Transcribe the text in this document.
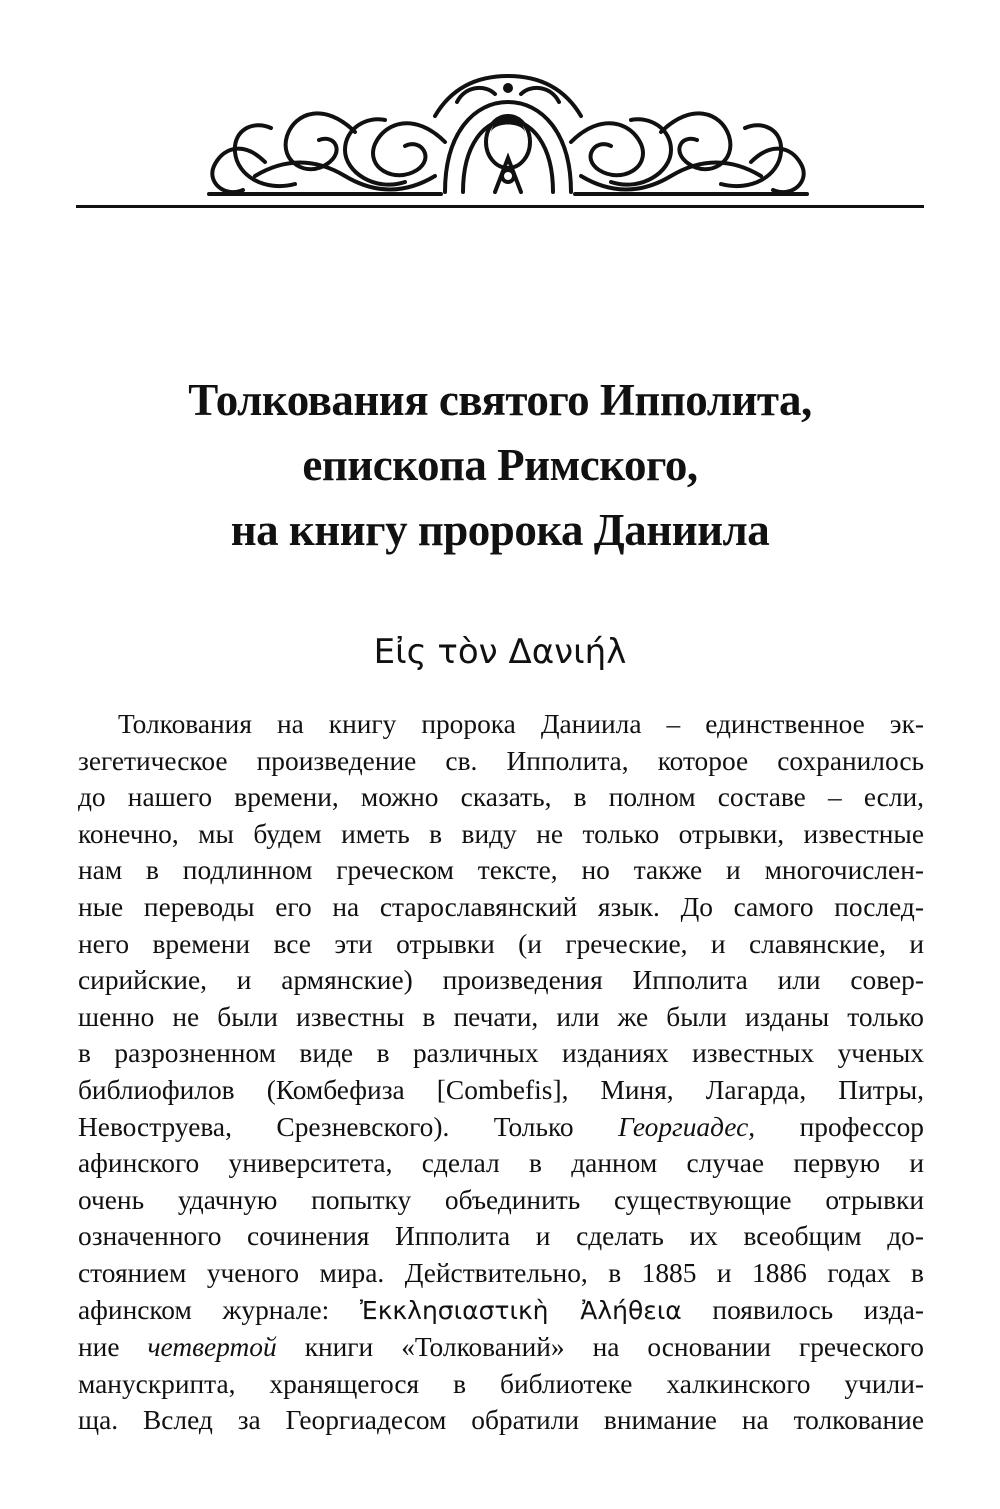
Толкования святого Ипполита,
епископа Римского,
на книгу пророка Даниила
Εἰς τὸν Δανιήλ
Толкования на книгу пророка Даниила – единственное эк-
зегетическое произведение св. Ипполита, которое сохранилось
до нашего времени, можно сказать, в полном составе – если,
конечно, мы будем иметь в виду не только отрывки, известные
нам в подлинном греческом тексте, но также и многочислен-
ные переводы его на старославянский язык. До самого послед-
него времени все эти отрывки (и греческие, и славянские, и
сирийские, и армянские) произведения Ипполита или совер-
шенно не были известны в печати, или же были изданы только
в разрозненном виде в различных изданиях известных ученых
библиофилов (Комбефиза [Combefis], Миня, Лагарда, Питры,
Невоструева, Срезневского). Только Георгиадес, профессор
афинского университета, сделал в данном случае первую и
очень удачную попытку объединить существующие отрывки
означенного сочинения Ипполита и сделать их всеобщим до-
стоянием ученого мира. Действительно, в 1885 и 1886 годах в
афинском журнале: Ἐκκλησιαστικὴ Ἀλήθεια появилось изда-
ние четвертой книги «Толкований» на основании греческого
манускрипта, хранящегося в библиотеке халкинского учили-
ща. Вслед за Георгиадесом обратили внимание на толкование
